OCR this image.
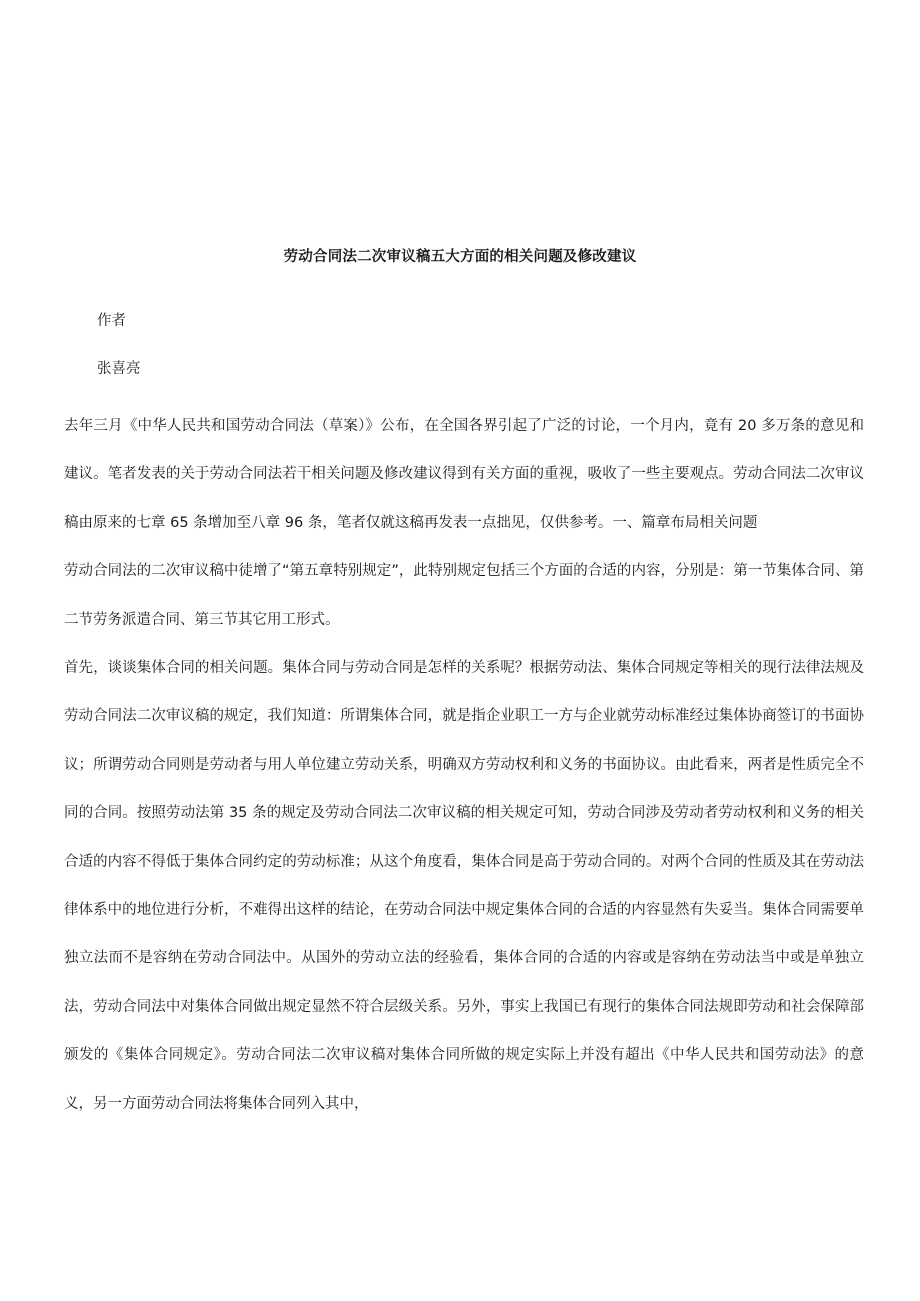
劳动合同法二次审议稿五大方面的相关问题及修改建议
作者
张喜亮

去年三月《中华人民共和国劳动合同法（草案）》公布，在全国各界引起了广泛的讨论，一个月内，竟有 20 多万条的意见和建议。笔者发表的关于劳动合同法若干相关问题及修改建议得到有关方面的重视，吸收了一些主要观点。劳动合同法二次审议稿由原来的七章 65 条增加至八章 96 条，笔者仅就这稿再发表一点拙见，仅供参考。一、篇章布局相关问题

劳动合同法的二次审议稿中徒增了“第五章特别规定”，此特别规定包括三个方面的合适的内容，分别是：第一节集体合同、第二节劳务派遣合同、第三节其它用工形式。

首先，谈谈集体合同的相关问题。集体合同与劳动合同是怎样的关系呢？根据劳动法、集体合同规定等相关的现行法律法规及劳动合同法二次审议稿的规定，我们知道：所谓集体合同，就是指企业职工一方与企业就劳动标准经过集体协商签订的书面协议；所谓劳动合同则是劳动者与用人单位建立劳动关系，明确双方劳动权利和义务的书面协议。由此看来，两者是性质完全不同的合同。按照劳动法第 35 条的规定及劳动合同法二次审议稿的相关规定可知，劳动合同涉及劳动者劳动权利和义务的相关合适的内容不得低于集体合同约定的劳动标准；从这个角度看，集体合同是高于劳动合同的。对两个合同的性质及其在劳动法律体系中的地位进行分析，不难得出这样的结论，在劳动合同法中规定集体合同的合适的内容显然有失妥当。集体合同需要单独立法而不是容纳在劳动合同法中。从国外的劳动立法的经验看，集体合同的合适的内容或是容纳在劳动法当中或是单独立法，劳动合同法中对集体合同做出规定显然不符合层级关系。另外，事实上我国已有现行的集体合同法规即劳动和社会保障部颁发的《集体合同规定》。劳动合同法二次审议稿对集体合同所做的规定实际上并没有超出《中华人民共和国劳动法》的意义，另一方面劳动合同法将集体合同列入其中，
